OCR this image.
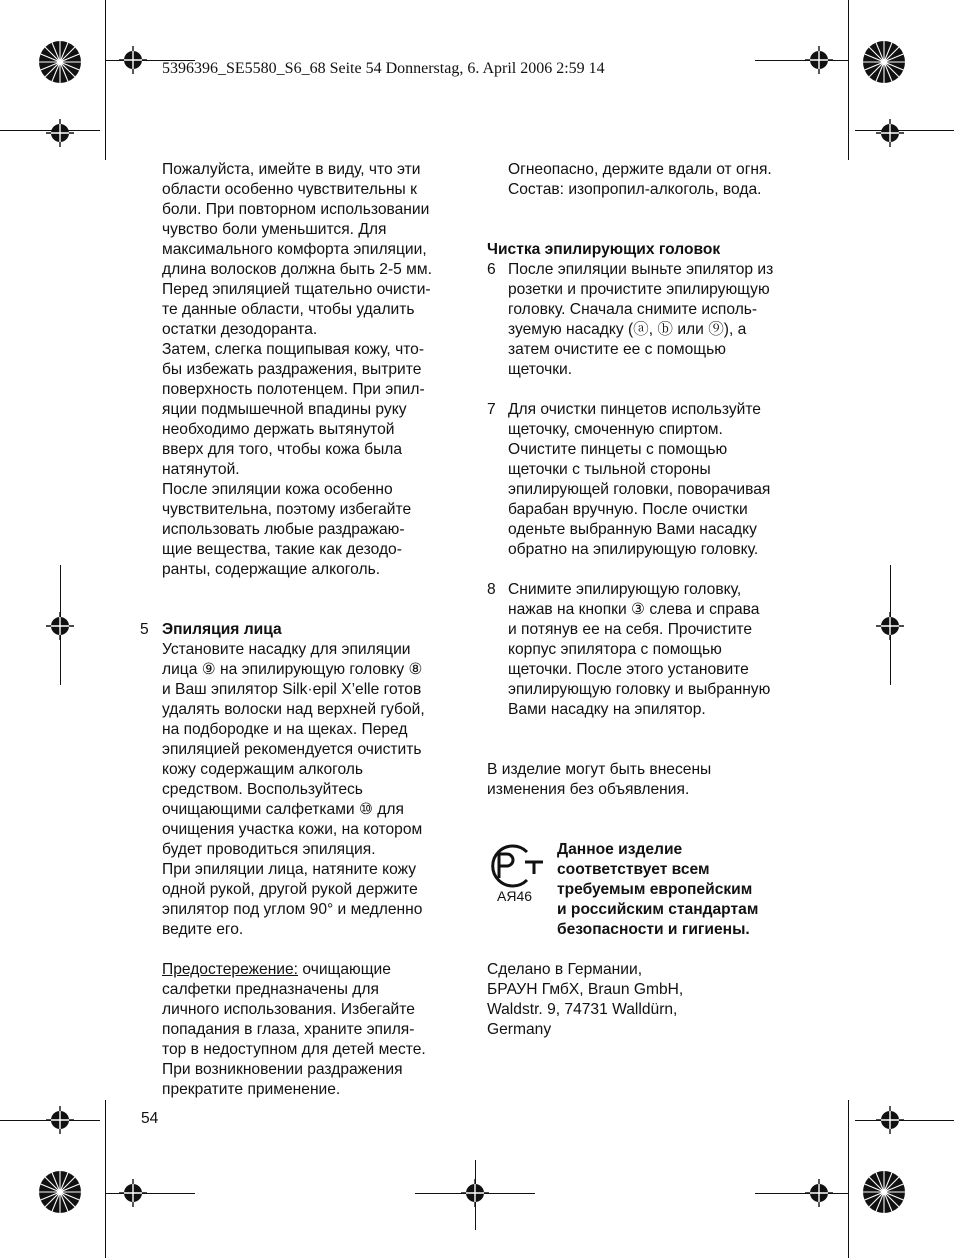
5396396_SE5580_S6_68 Seite 54 Donnerstag, 6. April 2006 2:59 14

Пожалуйста, имейте в виду, что эти
области особенно чувствительны к
боли. При повторном использовании
чувство боли уменьшится. Для
максимального комфорта эпиляции,
длина волосков должна быть 2-5 мм.
Перед эпиляцией тщательно очисти-
те данные области, чтобы удалить
остатки дезодоранта.
Затем, слегка пощипывая кожу, что-
бы избежать раздражения, вытрите
поверхность полотенцем. При эпил-
яции подмышечной впадины руку
необходимо держать вытянутой
вверх для того, чтобы кожа была
натянутой.
После эпиляции кожа особенно
чувствительна, поэтому избегайте
использовать любые раздражаю-
щие вещества, такие как дезодо-
ранты, содержащие алкоголь.

5 Эпиляция лица

Установите насадку для эпиляции
лица ⑨ на эпилирующую головку ⑧
и Ваш эпилятор Silk·epil X’elle готов
удалять волоски над верхней губой,
на подбородке и на щеках. Перед
эпиляцией рекомендуется очистить
кожу содержащим алкоголь
средством. Воспользуйтесь
очищающими салфетками ⑩ для
очищения участка кожи, на котором
будет проводиться эпиляция.
При эпиляции лица, натяните кожу
одной рукой, другой рукой держите
эпилятор под углом 90° и медленно
ведите его.

Предостережение: очищающие
салфетки предназначены для
личного использования. Избегайте
попадания в глаза, храните эпиля-
тор в недоступном для детей месте.
При возникновении раздражения
прекратите применение.

Огнеопасно, держите вдали от огня.
Состав: изопропил-алкоголь, вода.

Чистка эпилирующих головок

6 После эпиляции выньте эпилятор из
розетки и прочистите эпилирующую
головку. Сначала снимите исполь-
зуемую насадку (ⓐ, ⓑ или ⑨), а
затем очистите ее с помощью
щеточки.

7 Для очистки пинцетов используйте
щеточку, смоченную спиртом.
Очистите пинцеты с помощью
щеточки с тыльной стороны
эпилирующей головки, поворачивая
барабан вручную. После очистки
оденьте выбранную Вами насадку
обратно на эпилирующую головку.

8 Снимите эпилирующую головку,
нажав на кнопки ③ слева и справа
и потянув ее на себя. Прочистите
корпус эпилятора с помощью
щеточки. После этого установите
эпилирующую головку и выбранную
Вами насадку на эпилятор.

В изделие могут быть внесены
изменения без объявления.

АЯ46

Данное изделие
соответствует всем
требуемым европейским
и российским стандартам
безопасности и гигиены.

Сделано в Германии,
БРАУН ГмбХ, Braun GmbH,
Waldstr. 9, 74731 Walldürn,
Germany

54
